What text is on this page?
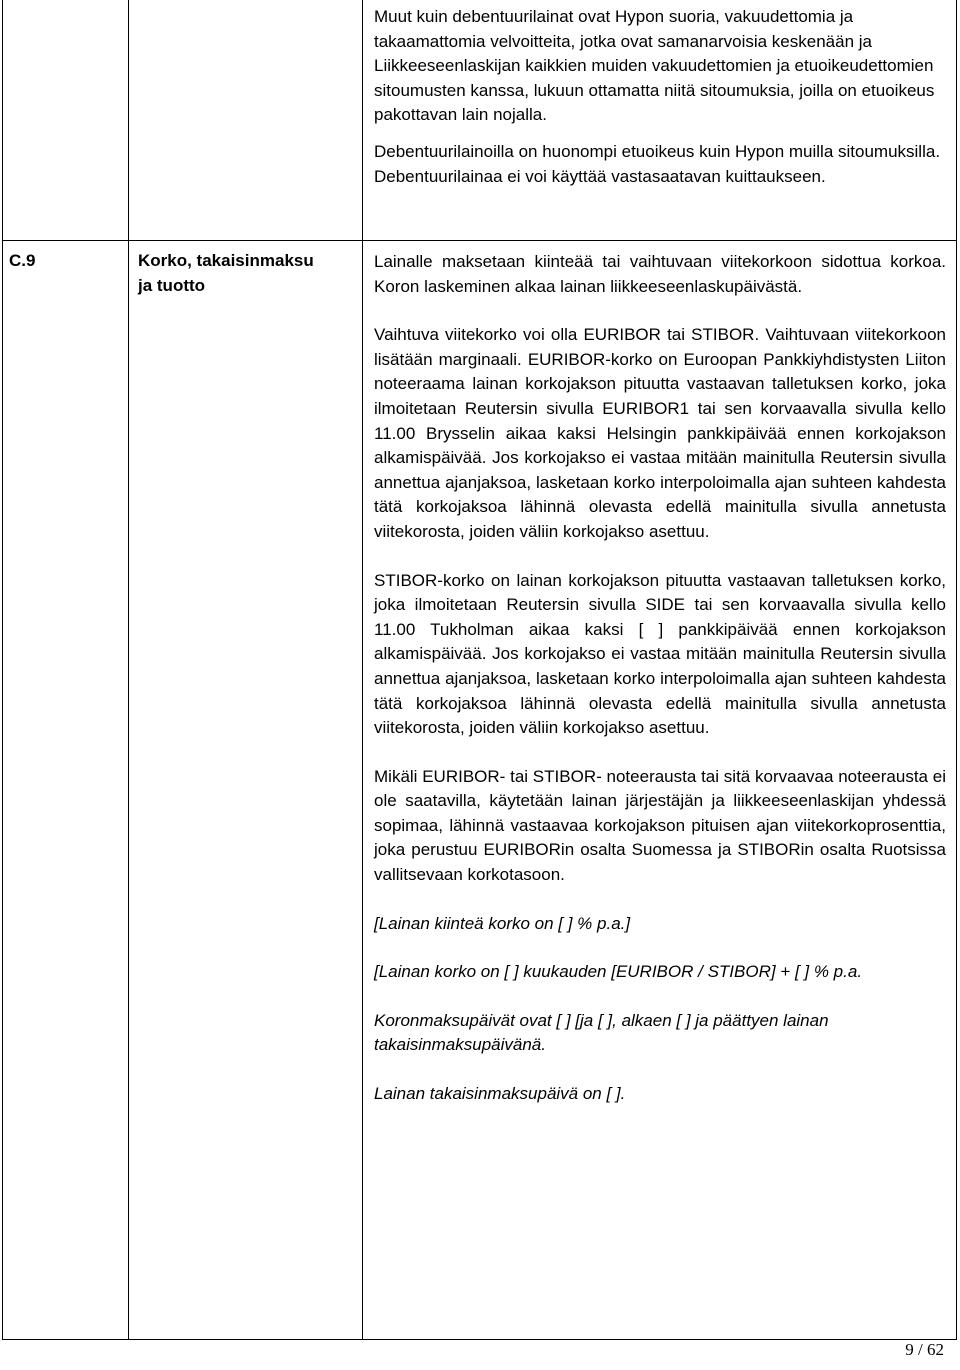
C.9	Korko, takaisinmaksu
ja tuotto

Muut kuin debentuurilainat ovat Hypon suoria, vakuudettomia ja takaamattomia velvoitteita, jotka ovat samanarvoisia keskenään ja Liikkeeseenlaskijan kaikkien muiden vakuudettomien ja etuoikeudettomien sitoumusten kanssa, lukuun ottamatta niitä sitoumuksia, joilla on etuoikeus pakottavan lain nojalla.

Debentuurilainoilla on huonompi etuoikeus kuin Hypon muilla sitoumuksilla. Debentuurilainaa ei voi käyttää vastasaatavan kuittaukseen.

Lainalle maksetaan kiinteää tai vaihtuvaan viitekorkoon sidottua korkoa. Koron laskeminen alkaa lainan liikkeeseenlaskupäivästä.

Vaihtuva viitekorko voi olla EURIBOR tai STIBOR. Vaihtuvaan viitekorkoon lisätään marginaali. EURIBOR-korko on Euroopan Pankkiyhdistysten Liiton noteeraama lainan korkojakson pituutta vastaavan talletuksen korko, joka ilmoitetaan Reutersin sivulla EURIBOR1 tai sen korvaavalla sivulla kello 11.00 Brysselin aikaa kaksi Helsingin pankkipäivää ennen korkojakson alkamispäivää. Jos korkojakso ei vastaa mitään mainitulla Reutersin sivulla annettua ajanjaksoa, lasketaan korko interpoloimalla ajan suhteen kahdesta tätä korkojaksoa lähinnä olevasta edellä mainitulla sivulla annetusta viitekorosta, joiden väliin korkojakso asettuu.

STIBOR-korko on lainan korkojakson pituutta vastaavan talletuksen korko, joka ilmoitetaan Reutersin sivulla SIDE tai sen korvaavalla sivulla kello 11.00 Tukholman aikaa kaksi [ ] pankkipäivää ennen korkojakson alkamispäivää. Jos korkojakso ei vastaa mitään mainitulla Reutersin sivulla annettua ajanjaksoa, lasketaan korko interpoloimalla ajan suhteen kahdesta tätä korkojaksoa lähinnä olevasta edellä mainitulla sivulla annetusta viitekorosta, joiden väliin korkojakso asettuu.

Mikäli EURIBOR- tai STIBOR- noteerausta tai sitä korvaavaa noteerausta ei ole saatavilla, käytetään lainan järjestäjän ja liikkeeseenlaskijan yhdessä sopimaa, lähinnä vastaavaa korkojakson pituisen ajan viitekorkoprosenttia, joka perustuu EURIBORin osalta Suomessa ja STIBORin osalta Ruotsissa vallitsevaan korkotasoon.

[Lainan kiinteä korko on [ ] % p.a.]

[Lainan korko on [ ] kuukauden [EURIBOR / STIBOR] + [ ] % p.a.

Koronmaksupäivät ovat [ ] [ja [ ], alkaen [ ] ja päättyen lainan takaisinmaksupäivänä.

Lainan takaisinmaksupäivä on [ ].

9 / 62
